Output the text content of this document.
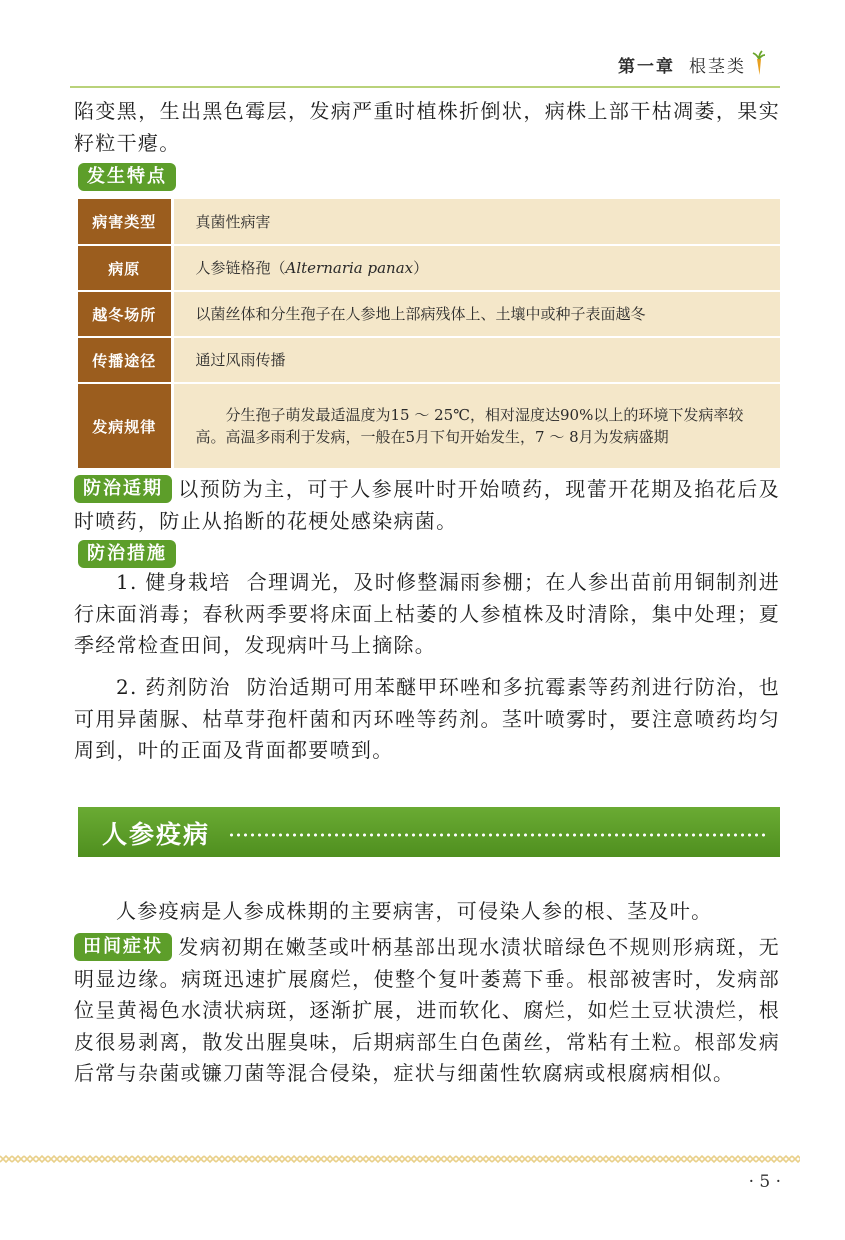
第一章 根茎类

陷变黑，生出黑色霉层，发病严重时植株折倒状，病株上部干枯凋萎，果实籽粒干瘪。

发生特点
病害类型	真菌性病害
病原	人参链格孢（Alternaria panax）
越冬场所	以菌丝体和分生孢子在人参地上部病残体上、土壤中或种子表面越冬
传播途径	通过风雨传播
发病规律	分生孢子萌发最适温度为15 ～ 25℃，相对湿度达90%以上的环境下发病率较高。高温多雨利于发病，一般在5月下旬开始发生，7 ～ 8月为发病盛期

防治适期 以预防为主，可于人参展叶时开始喷药，现蕾开花期及掐花后及时喷药，防止从掐断的花梗处感染病菌。

防治措施

1. 健身栽培 合理调光，及时修整漏雨参棚；在人参出苗前用铜制剂进行床面消毒；春秋两季要将床面上枯萎的人参植株及时清除，集中处理；夏季经常检查田间，发现病叶马上摘除。

2. 药剂防治 防治适期可用苯醚甲环唑和多抗霉素等药剂进行防治，也可用异菌脲、枯草芽孢杆菌和丙环唑等药剂。茎叶喷雾时，要注意喷药均匀周到，叶的正面及背面都要喷到。

人参疫病

人参疫病是人参成株期的主要病害，可侵染人参的根、茎及叶。

田间症状 发病初期在嫩茎或叶柄基部出现水渍状暗绿色不规则形病斑，无明显边缘。病斑迅速扩展腐烂，使整个复叶萎蔫下垂。根部被害时，发病部位呈黄褐色水渍状病斑，逐渐扩展，进而软化、腐烂，如烂土豆状溃烂，根皮很易剥离，散发出腥臭味，后期病部生白色菌丝，常粘有土粒。根部发病后常与杂菌或镰刀菌等混合侵染，症状与细菌性软腐病或根腐病相似。

· 5 ·
